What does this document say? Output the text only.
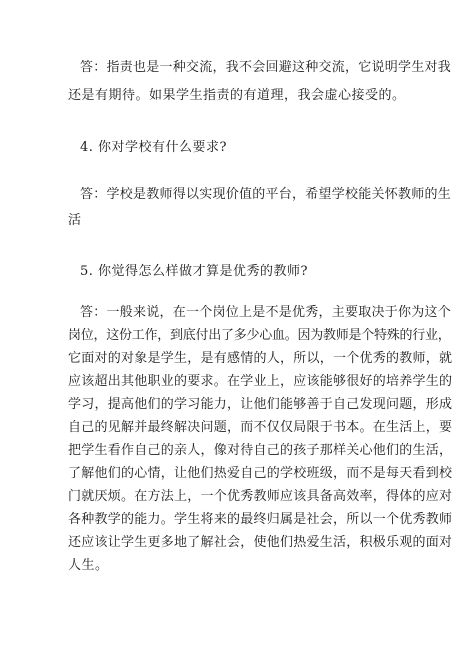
答：指责也是一种交流，我不会回避这种交流，它说明学生对我
还是有期待。如果学生指责的有道理，我会虚心接受的。
4. 你对学校有什么要求?
答：学校是教师得以实现价值的平台，希望学校能关怀教师的生
活
5. 你觉得怎么样做才算是优秀的教师?
答：一般来说，在一个岗位上是不是优秀，主要取决于你为这个
岗位，这份工作，到底付出了多少心血。因为教师是个特殊的行业，
它面对的对象是学生，是有感情的人，所以，一个优秀的教师，就
应该超出其他职业的要求。在学业上，应该能够很好的培养学生的
学习，提高他们的学习能力，让他们能够善于自己发现问题，形成
自己的见解并最终解决问题，而不仅仅局限于书本。在生活上，要
把学生看作自己的亲人，像对待自己的孩子那样关心他们的生活，
了解他们的心情，让他们热爱自己的学校班级，而不是每天看到校
门就厌烦。在方法上，一个优秀教师应该具备高效率，得体的应对
各种教学的能力。学生将来的最终归属是社会，所以一个优秀教师
还应该让学生更多地了解社会，使他们热爱生活，积极乐观的面对
人生。
